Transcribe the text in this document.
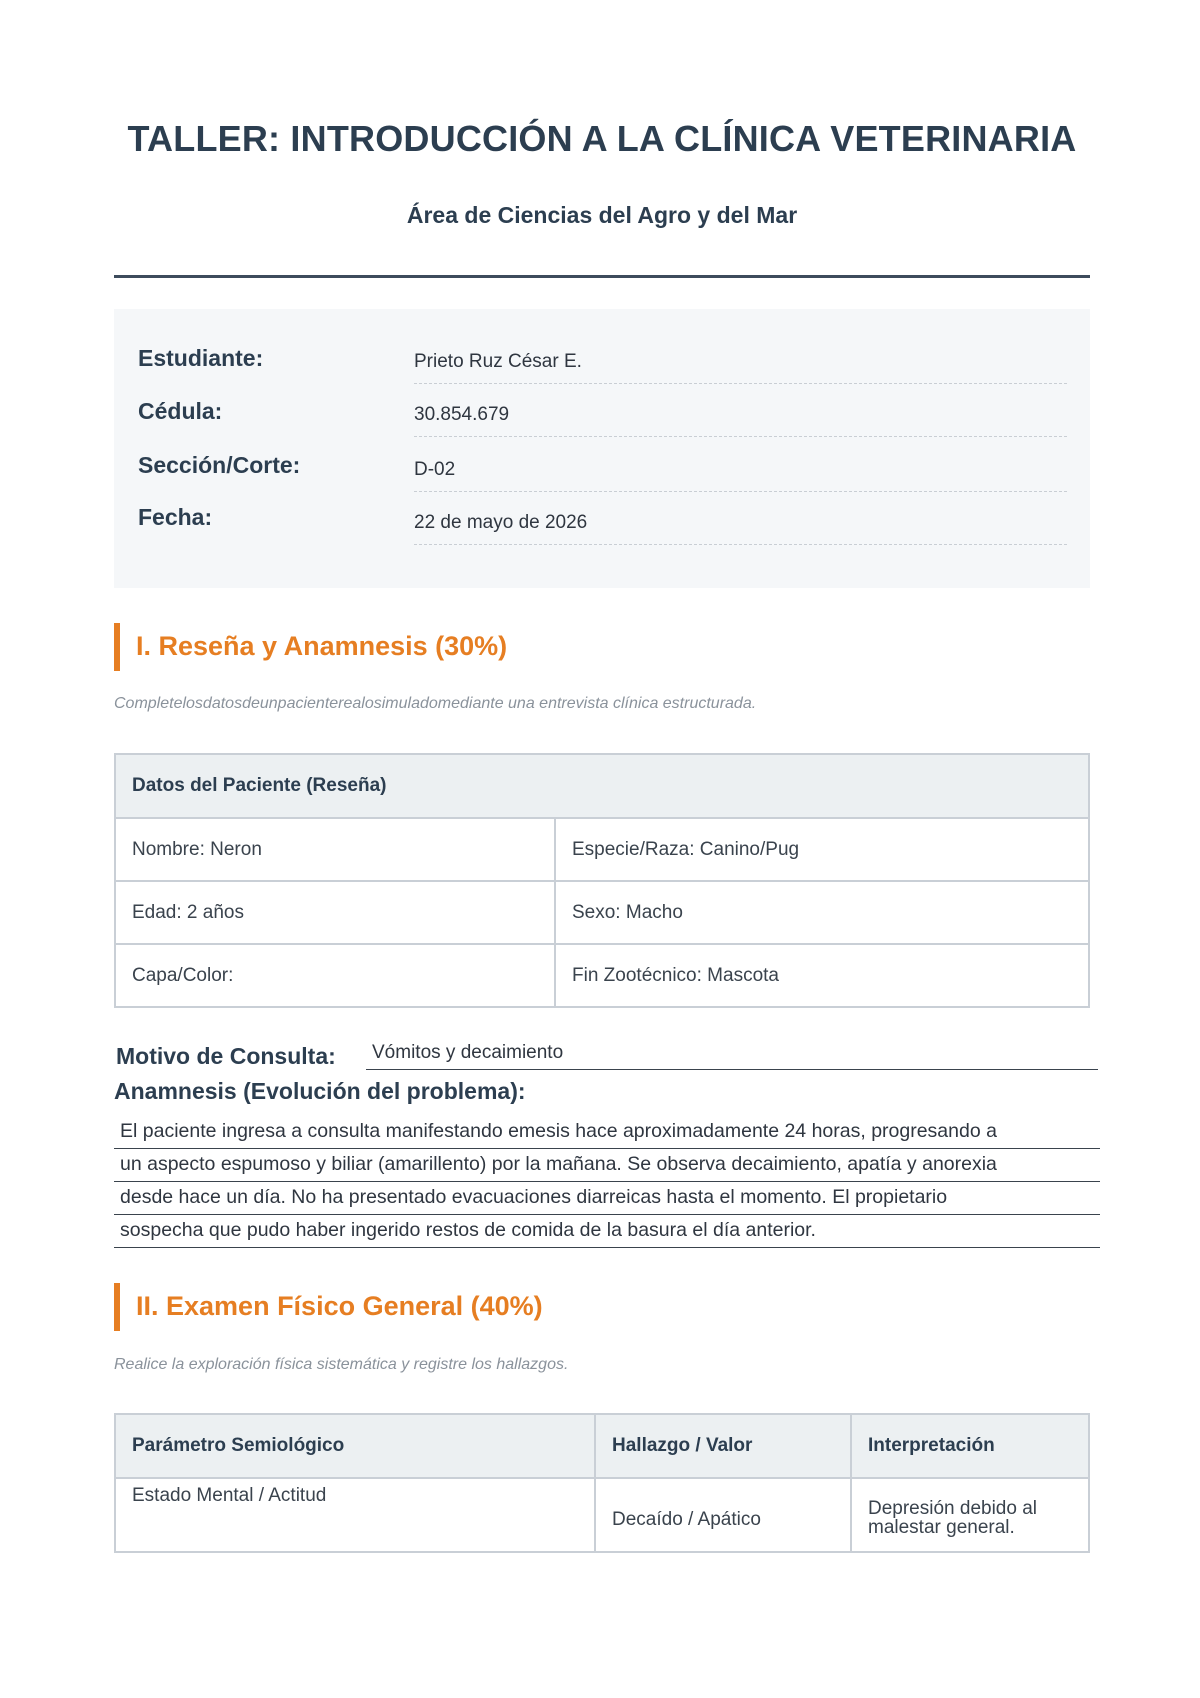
TALLER: INTRODUCCIÓN A LA CLÍNICA VETERINARIA
Área de Ciencias del Agro y del Mar
Estudiante:	Prieto Ruz César E.
Cédula:	30.854.679
Sección/Corte:	D-02
Fecha:	22 de mayo de 2026
I. Reseña y Anamnesis (30%)
Completelosdatosdeunpacienterealosimuladomediante una entrevista clínica estructurada.
Datos del Paciente (Reseña)	
Nombre: Neron	Especie/Raza: Canino/Pug
Edad: 2 años	Sexo: Macho
Capa/Color:	Fin Zootécnico: Mascota
Motivo de Consulta:	Vómitos y decaimiento
Anamnesis (Evolución del problema):
El paciente ingresa a consulta manifestando emesis hace aproximadamente 24 horas, progresando a
un aspecto espumoso y biliar (amarillento) por la mañana. Se observa decaimiento, apatía y anorexia
desde hace un día. No ha presentado evacuaciones diarreicas hasta el momento. El propietario
sospecha que pudo haber ingerido restos de comida de la basura el día anterior.
II. Examen Físico General (40%)
Realice la exploración física sistemática y registre los hallazgos.
Parámetro Semiológico	Hallazgo / Valor	Interpretación
Estado Mental / Actitud	Decaído / Apático	Depresión debido al malestar general.
